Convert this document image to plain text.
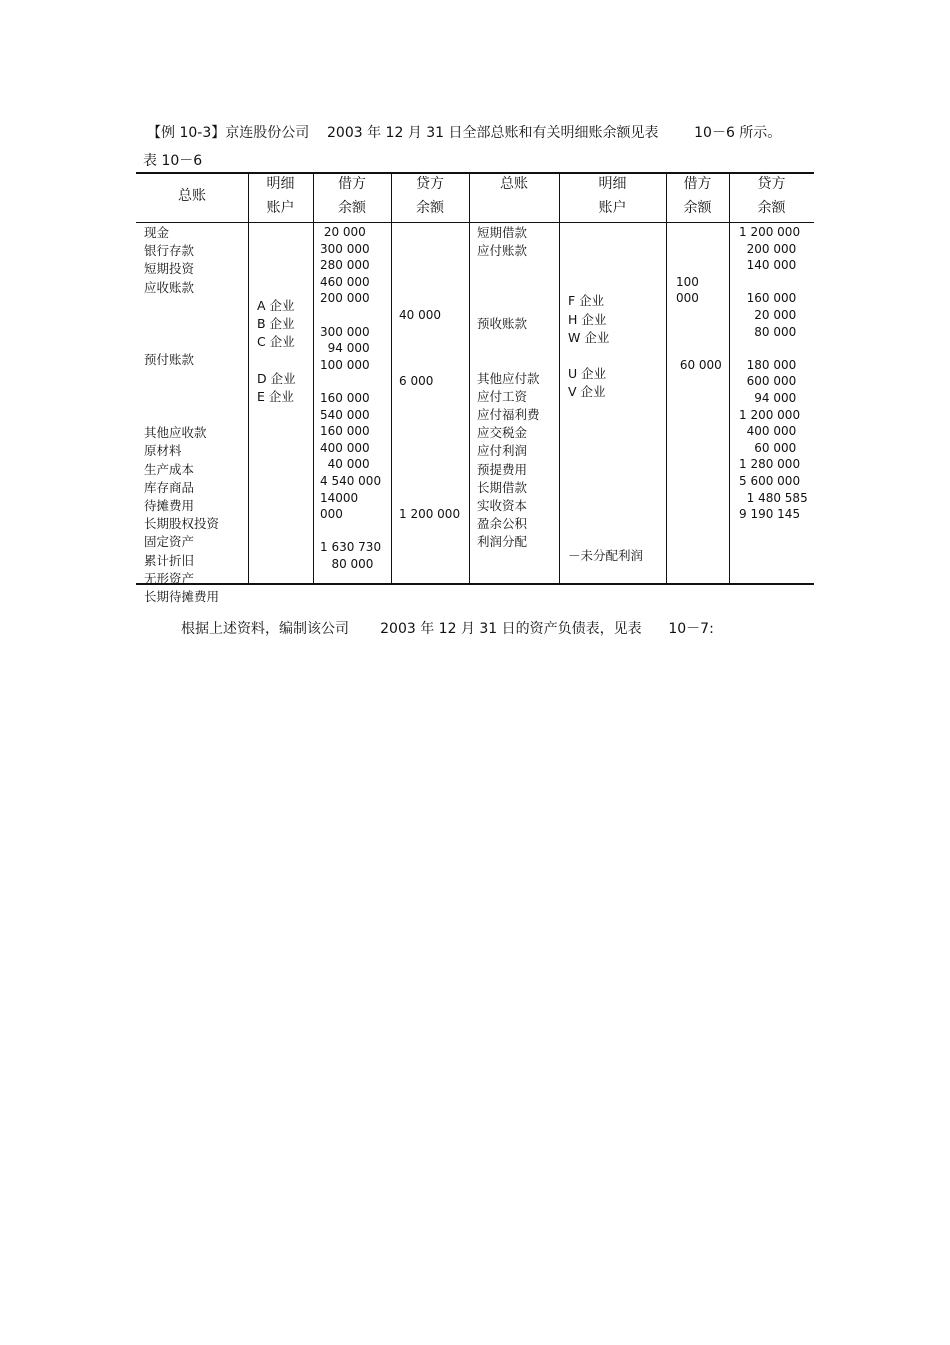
【例 10-3】京连股份公司    2003 年 12 月 31 日全部总账和有关明细账余额见表        10－6 所示。
表 10－6
总账
明细
账户
借方
余额
贷方
余额
总账	明细
账户
借方
余额
贷方
余额
现金
银行存款
短期投资
应收账款

预付账款

其他应收款
原材料
生产成本
库存商品
待摊费用
长期股权投资
固定资产
累计折旧
无形资产
长期待摊费用

A 企业
B 企业
C 企业

D 企业
E 企业
20 000
300 000
280 000
460 000
200 000

300 000
94 000
100 000

160 000
540 000
160 000
400 000
40 000
4 540 000
14000
000

1 630 730
80 000

40 000

6 000

1 200 000
短期借款
应付账款

预收账款

其他应付款
应付工资
应付福利费
应交税金
应付利润
预提费用
长期借款
实收资本
盈余公积
利润分配

F 企业
H 企业
W 企业

U 企业
V 企业

－未分配利润

100
000

60 000
1 200 000
200 000
140 000

160 000
20 000
80 000

180 000
600 000
94 000
1 200 000
400 000
60 000
1 280 000
5 600 000
1 480 585
9 190 145
根据上述资料，编制该公司       2003 年 12 月 31 日的资产负债表，见表      10－7:
